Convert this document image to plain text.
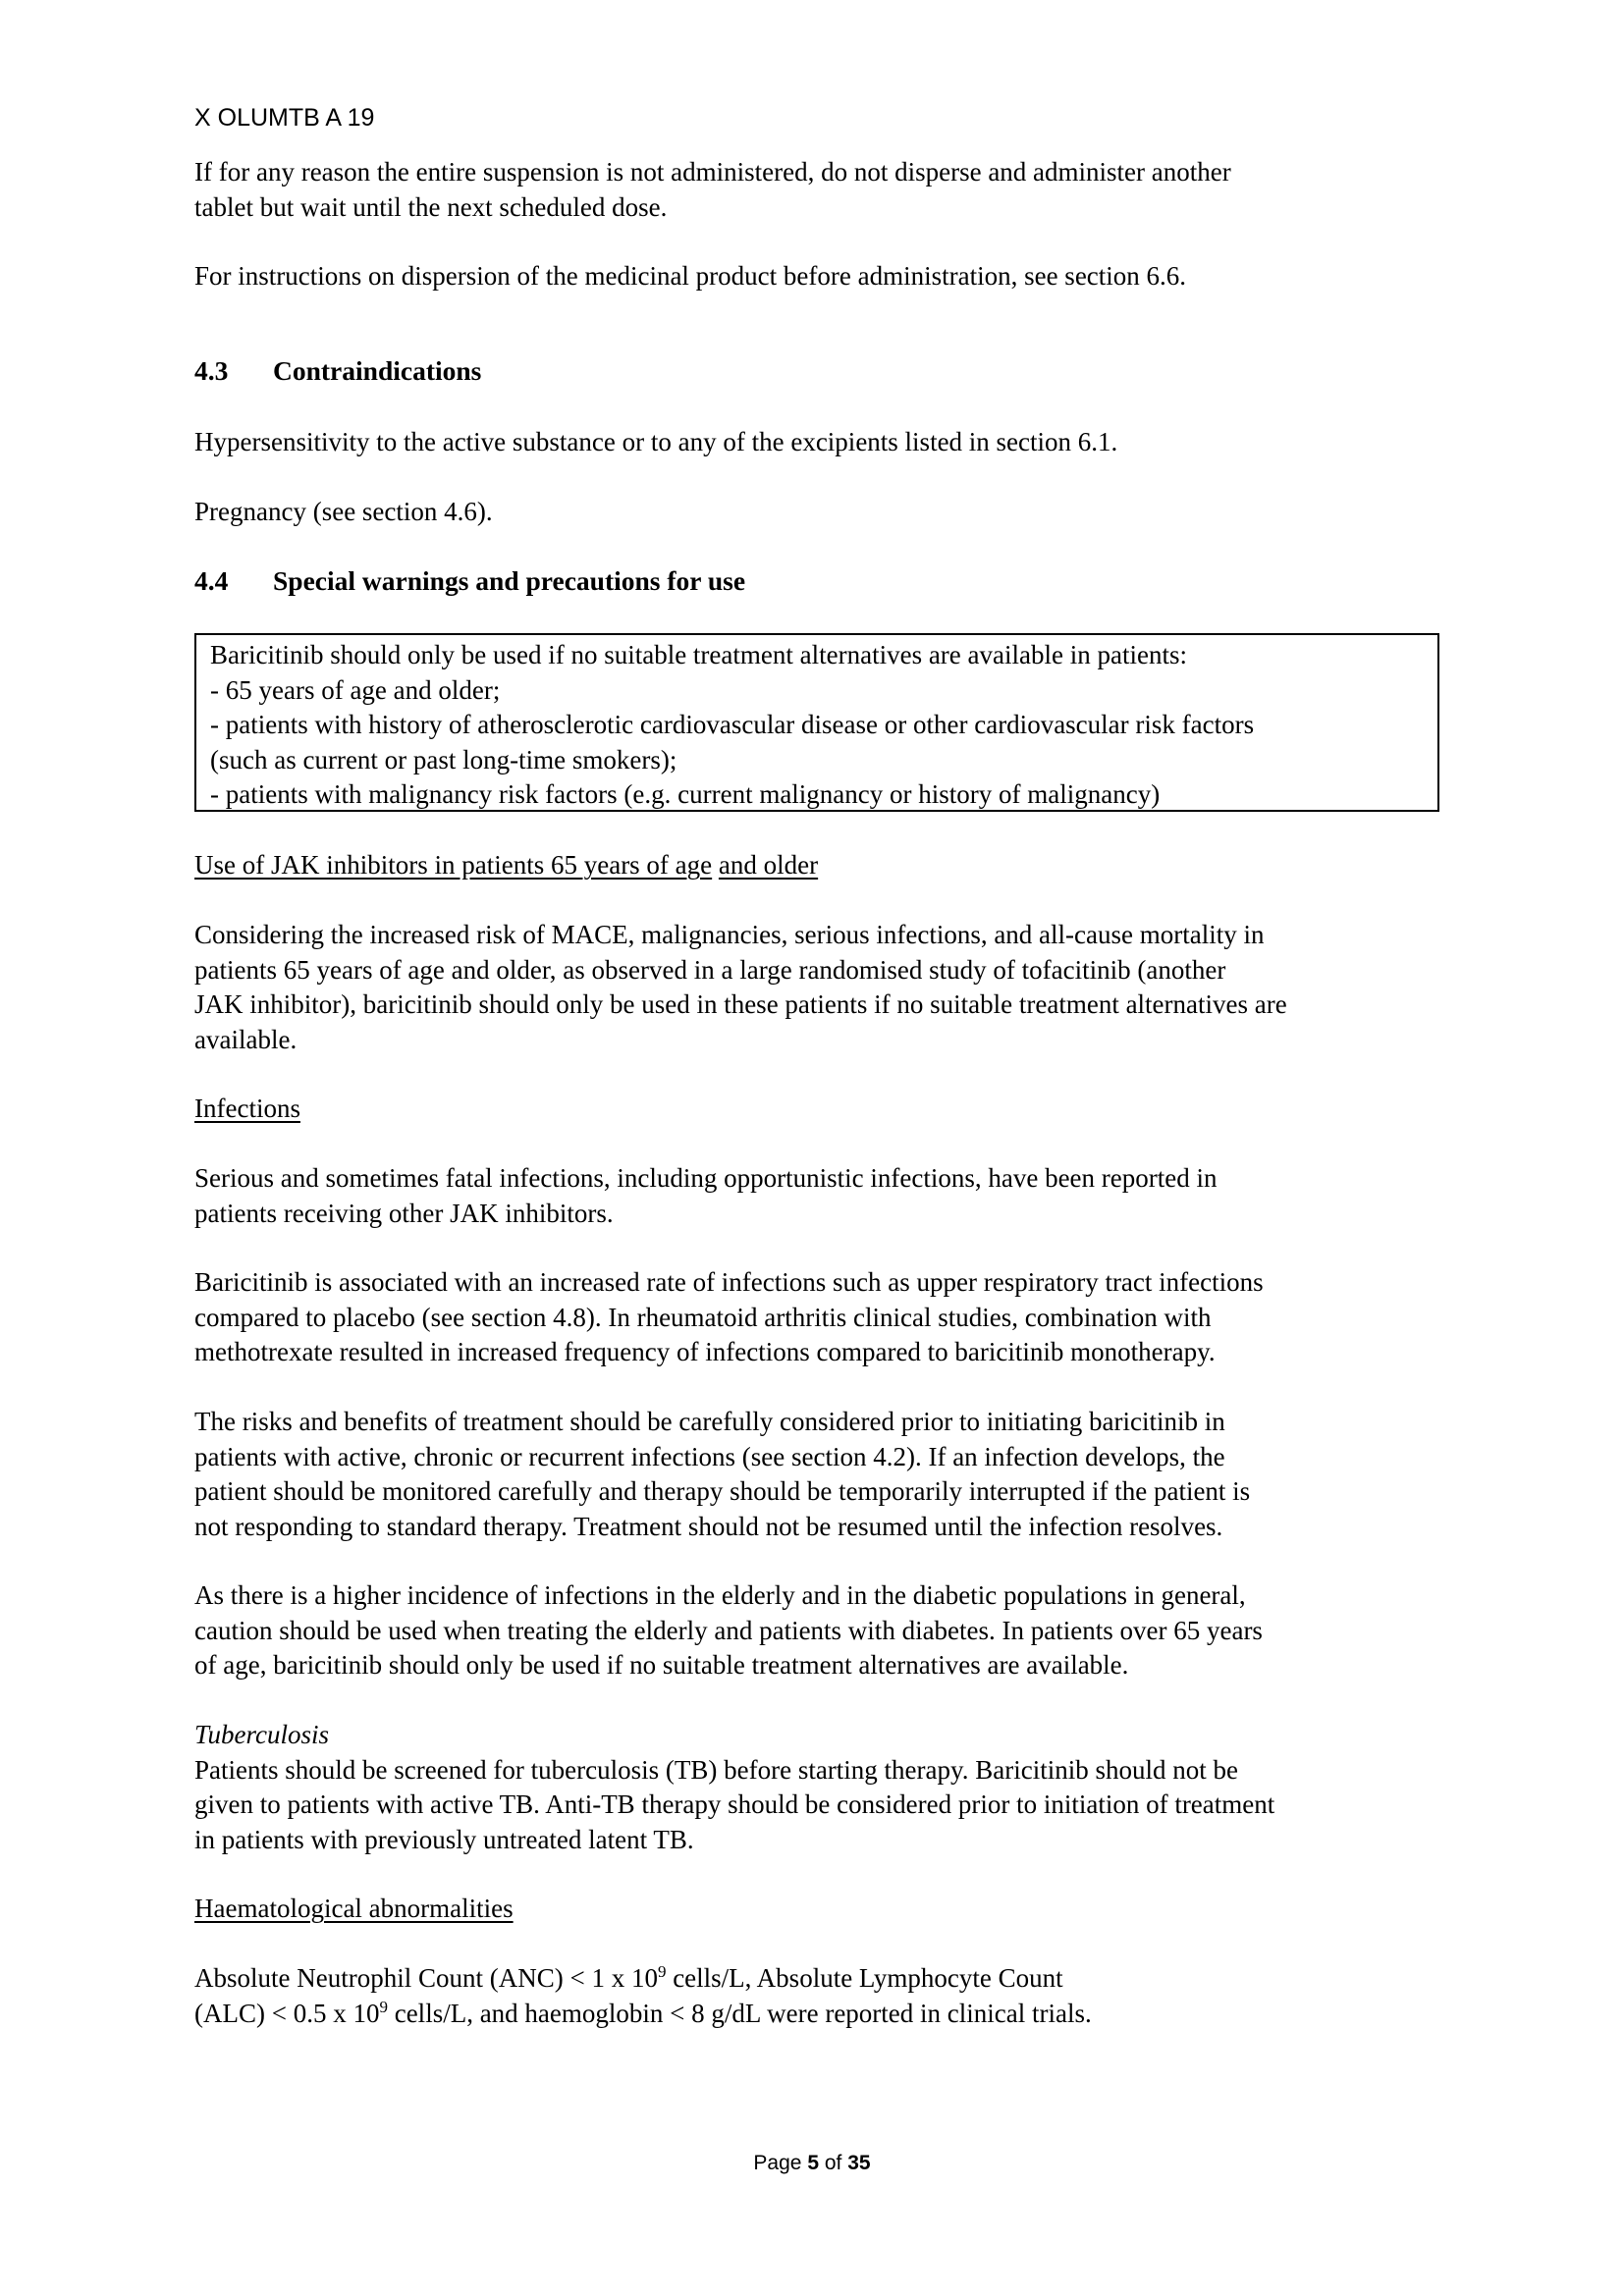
X OLUMTB A 19
If for any reason the entire suspension is not administered, do not disperse and administer another
tablet but wait until the next scheduled dose.
For instructions on dispersion of the medicinal product before administration, see section 6.6.
4.3 Contraindications
Hypersensitivity to the active substance or to any of the excipients listed in section 6.1.
Pregnancy (see section 4.6).
4.4 Special warnings and precautions for use
Baricitinib should only be used if no suitable treatment alternatives are available in patients:
- 65 years of age and older;
- patients with history of atherosclerotic cardiovascular disease or other cardiovascular risk factors
(such as current or past long-time smokers);
- patients with malignancy risk factors (e.g. current malignancy or history of malignancy)
Use of JAK inhibitors in patients 65 years of age and older
Considering the increased risk of MACE, malignancies, serious infections, and all-cause mortality in
patients 65 years of age and older, as observed in a large randomised study of tofacitinib (another
JAK inhibitor), baricitinib should only be used in these patients if no suitable treatment alternatives are
available.
Infections
Serious and sometimes fatal infections, including opportunistic infections, have been reported in
patients receiving other JAK inhibitors.
Baricitinib is associated with an increased rate of infections such as upper respiratory tract infections
compared to placebo (see section 4.8). In rheumatoid arthritis clinical studies, combination with
methotrexate resulted in increased frequency of infections compared to baricitinib monotherapy.
The risks and benefits of treatment should be carefully considered prior to initiating baricitinib in
patients with active, chronic or recurrent infections (see section 4.2). If an infection develops, the
patient should be monitored carefully and therapy should be temporarily interrupted if the patient is
not responding to standard therapy. Treatment should not be resumed until the infection resolves.
As there is a higher incidence of infections in the elderly and in the diabetic populations in general,
caution should be used when treating the elderly and patients with diabetes. In patients over 65 years
of age, baricitinib should only be used if no suitable treatment alternatives are available.
Tuberculosis
Patients should be screened for tuberculosis (TB) before starting therapy. Baricitinib should not be
given to patients with active TB. Anti-TB therapy should be considered prior to initiation of treatment
in patients with previously untreated latent TB.
Haematological abnormalities
Absolute Neutrophil Count (ANC) < 1 x $10^9$ cells/L, Absolute Lymphocyte Count
(ALC) < 0.5 x $10^9$ cells/L, and haemoglobin < 8 g/dL were reported in clinical trials.
Page 5 of 35
